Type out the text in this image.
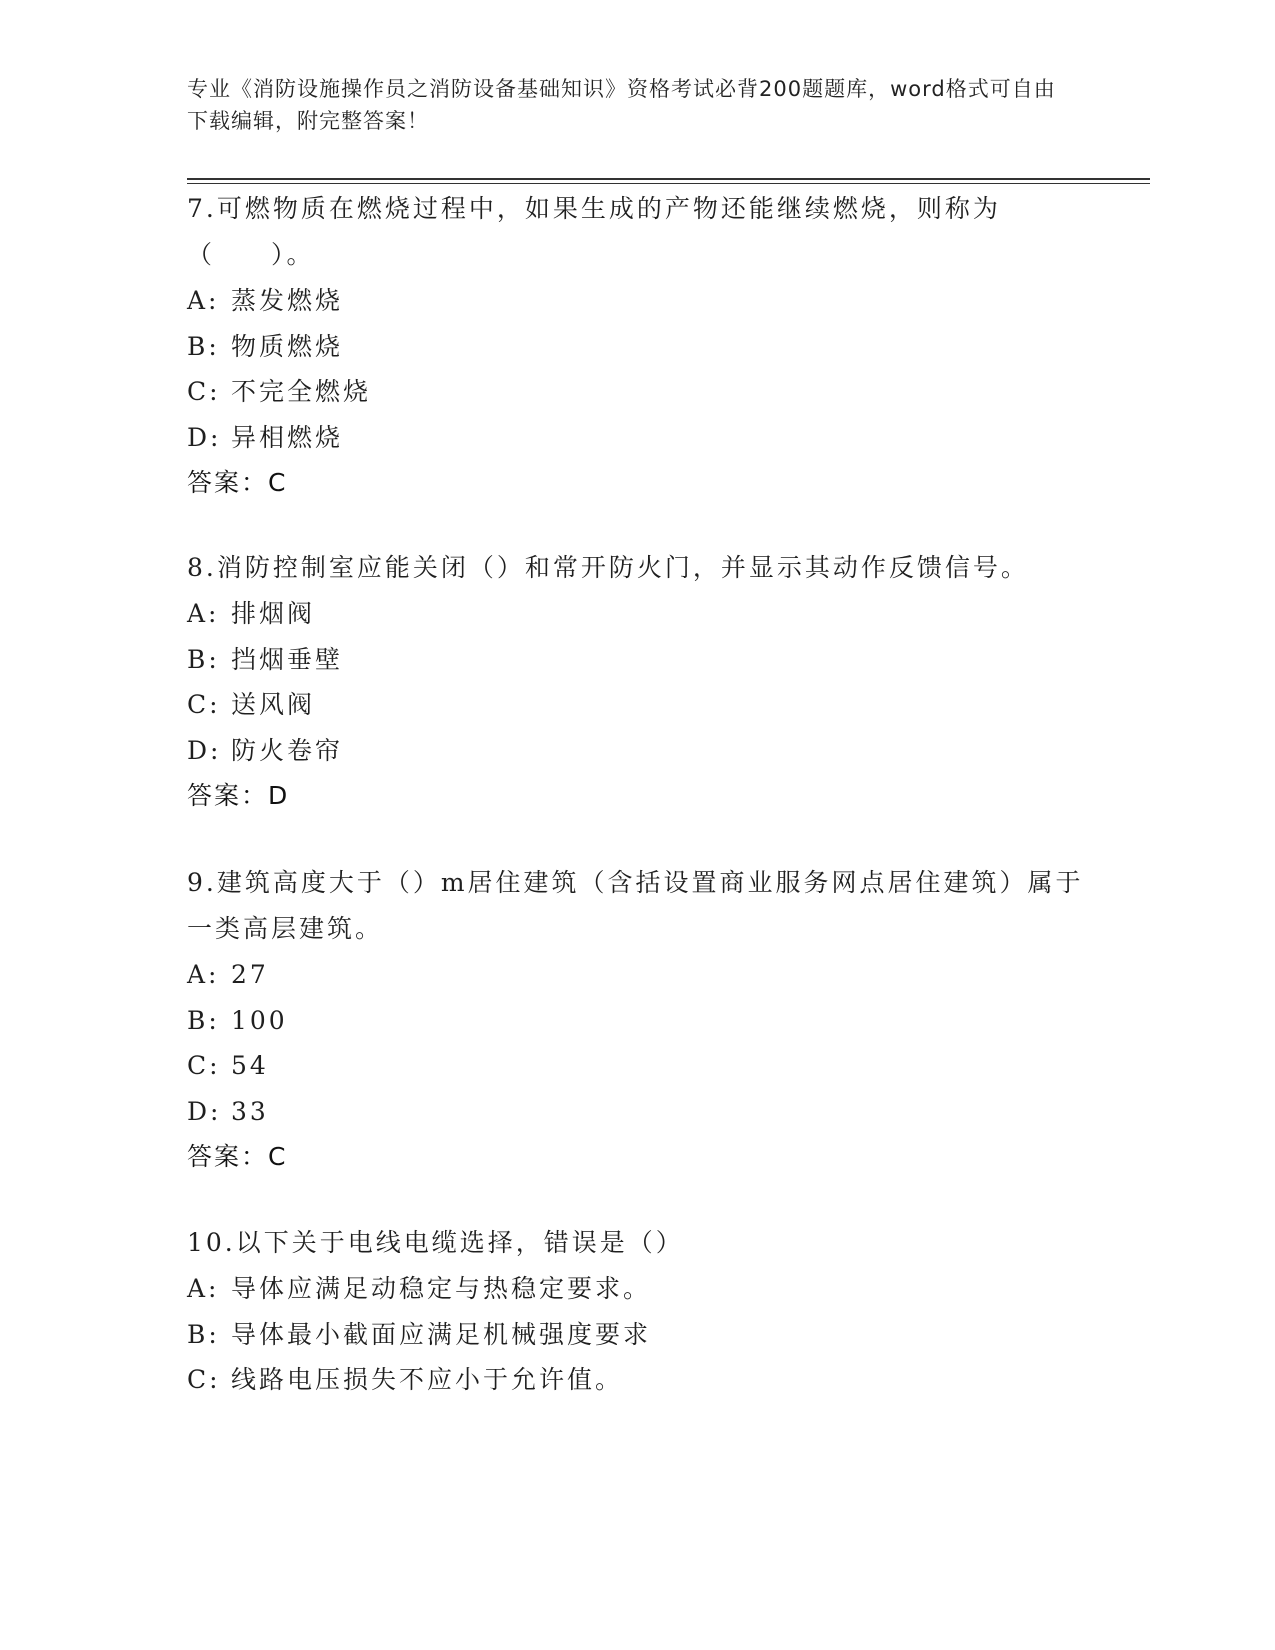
专业《消防设施操作员之消防设备基础知识》资格考试必背200题题库，word格式可自由下载编辑，附完整答案！
7.可燃物质在燃烧过程中，如果生成的产物还能继续燃烧，则称为（　　）。
A: 蒸发燃烧
B: 物质燃烧
C: 不完全燃烧
D: 异相燃烧
答案：C
8.消防控制室应能关闭（）和常开防火门，并显示其动作反馈信号。
A: 排烟阀
B: 挡烟垂壁
C: 送风阀
D: 防火卷帘
答案：D
9.建筑高度大于（）m居住建筑（含括设置商业服务网点居住建筑）属于一类高层建筑。
A: 27
B: 100
C: 54
D: 33
答案：C
10.以下关于电线电缆选择，错误是（）
A: 导体应满足动稳定与热稳定要求。
B: 导体最小截面应满足机械强度要求
C: 线路电压损失不应小于允许值。
